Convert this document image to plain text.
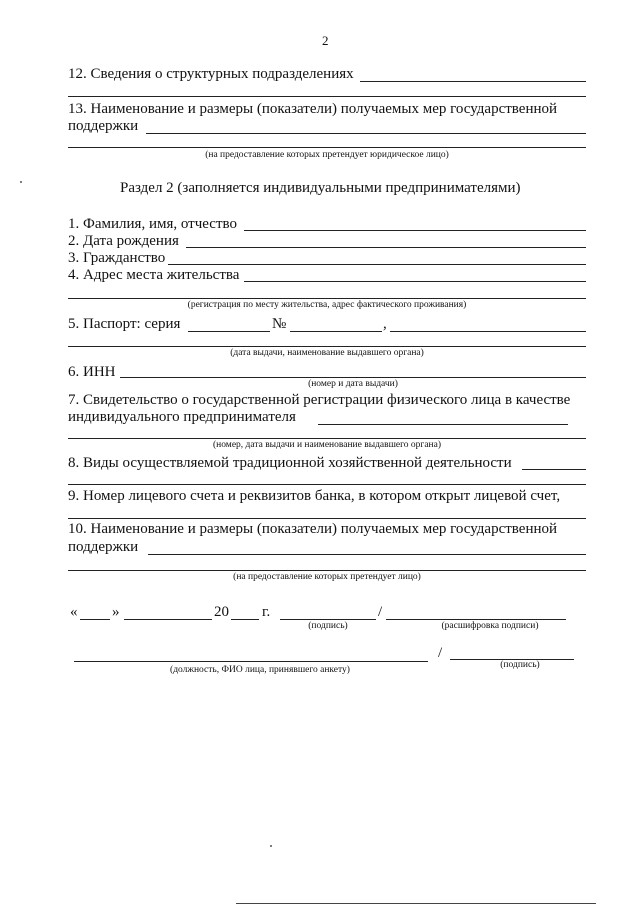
2
12. Сведения о структурных подразделениях
13. Наименование и размеры (показатели) получаемых мер государственной
поддержки
(на предоставление которых претендует юридическое лицо)
Раздел 2 (заполняется индивидуальными предпринимателями)
1. Фамилия, имя, отчество
2. Дата рождения
3. Гражданство
4. Адрес места жительства
(регистрация по месту жительства, адрес фактического проживания)
5. Паспорт: серия	№	,
(дата выдачи, наименование выдавшего органа)
6. ИНН
(номер и дата выдачи)
7. Свидетельство о государственной регистрации физического лица в качестве
индивидуального предпринимателя
(номер, дата выдачи и наименование выдавшего органа)
8. Виды осуществляемой традиционной хозяйственной деятельности
9. Номер лицевого счета и реквизитов банка, в котором открыт лицевой счет,
10. Наименование и размеры (показатели) получаемых мер государственной
поддержки
(на предоставление которых претендует лицо)
« »	20 г.	/
(подпись)	(расшифровка подписи)
/
(должность, ФИО лица, принявшего анкету)	(подпись)
